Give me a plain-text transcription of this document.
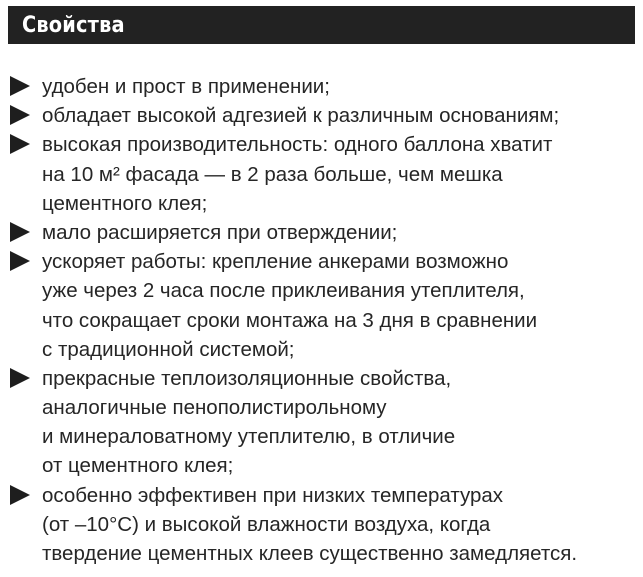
Свойства
удобен и прост в применении;
обладает высокой адгезией к различным основаниям;
высокая производительность: одного баллона хватит
на 10 м² фасада — в 2 раза больше, чем мешка
цементного клея;
мало расширяется при отверждении;
ускоряет работы: крепление анкерами возможно
уже через 2 часа после приклеивания утеплителя,
что сокращает сроки монтажа на 3 дня в сравнении
с традиционной системой;
прекрасные теплоизоляционные свойства,
аналогичные пенополистирольному
и минераловатному утеплителю, в отличие
от цементного клея;
особенно эффективен при низких температурах
(от –10°С) и высокой влажности воздуха, когда
твердение цементных клеев существенно замедляется.
